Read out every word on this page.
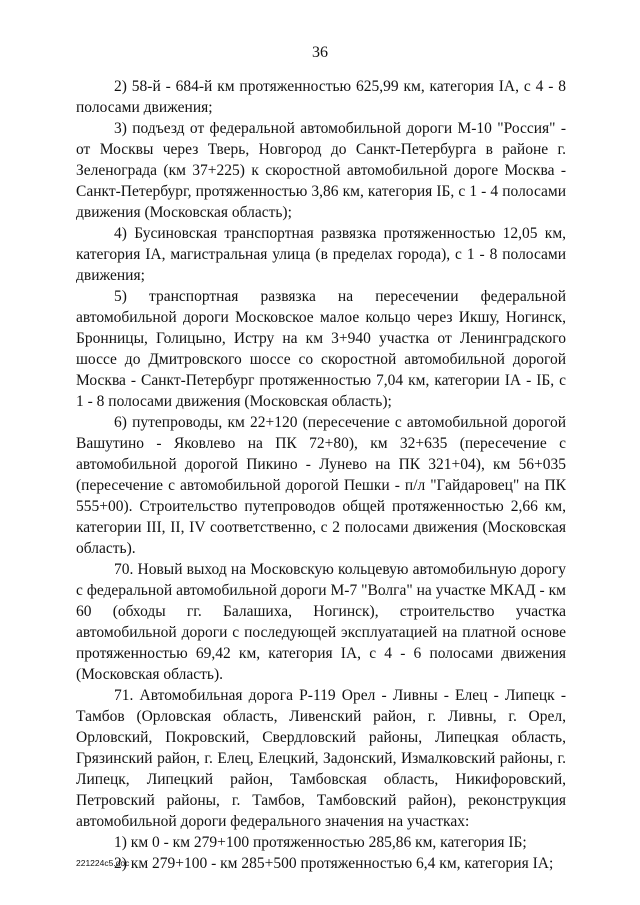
36

2) 58-й - 684-й км протяженностью 625,99 км, категория IА, с 4 - 8 полосами движения;

3) подъезд от федеральной автомобильной дороги М-10 "Россия" - от Москвы через Тверь, Новгород до Санкт-Петербурга в районе г. Зеленограда (км 37+225) к скоростной автомобильной дороге Москва - Санкт-Петербург, протяженностью 3,86 км, категория IБ, с 1 - 4 полосами движения (Московская область);

4) Бусиновская транспортная развязка протяженностью 12,05 км, категория IА, магистральная улица (в пределах города), с 1 - 8 полосами движения;

5) транспортная развязка на пересечении федеральной автомобильной дороги Московское малое кольцо через Икшу, Ногинск, Бронницы, Голицыно, Истру на км 3+940 участка от Ленинградского шоссе до Дмитровского шоссе со скоростной автомобильной дорогой Москва - Санкт-Петербург протяженностью 7,04 км, категории IА - IБ, с 1 - 8 полосами движения (Московская область);

6) путепроводы, км 22+120 (пересечение с автомобильной дорогой Вашутино - Яковлево на ПК 72+80), км 32+635 (пересечение с автомобильной дорогой Пикино - Лунево на ПК 321+04), км 56+035 (пересечение с автомобильной дорогой Пешки - п/л "Гайдаровец" на ПК 555+00). Строительство путепроводов общей протяженностью 2,66 км, категории III, II, IV соответственно, с 2 полосами движения (Московская область).

70. Новый выход на Московскую кольцевую автомобильную дорогу с федеральной автомобильной дороги М-7 "Волга" на участке МКАД - км 60 (обходы гг. Балашиха, Ногинск), строительство участка автомобильной дороги с последующей эксплуатацией на платной основе протяженностью 69,42 км, категория IА, с 4 - 6 полосами движения (Московская область).

71. Автомобильная дорога Р-119 Орел - Ливны - Елец - Липецк - Тамбов (Орловская область, Ливенский район, г. Ливны, г. Орел, Орловский, Покровский, Свердловский районы, Липецкая область, Грязинский район, г. Елец, Елецкий, Задонский, Измалковский районы, г. Липецк, Липецкий район, Тамбовская область, Никифоровский, Петровский районы, г. Тамбов, Тамбовский район), реконструкция автомобильной дороги федерального значения на участках:

1) км 0 - км 279+100 протяженностью 285,86 км, категория IБ;

2) км 279+100 - км 285+500 протяженностью 6,4 км, категория IА;

221224c5.doc
